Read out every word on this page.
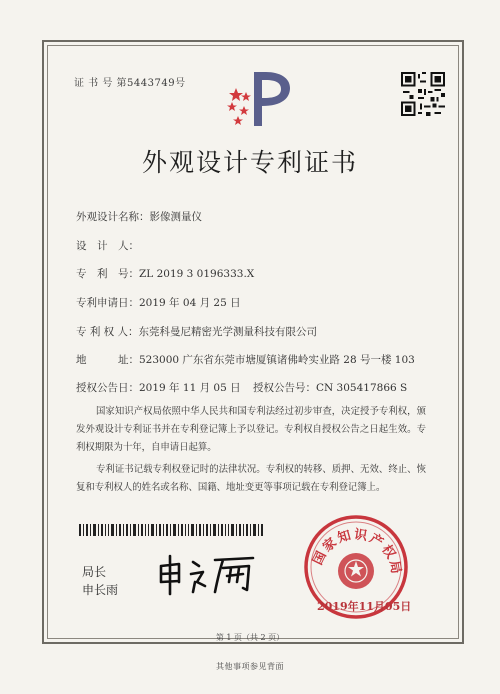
证 书 号 第5443749号
外观设计专利证书
外观设计名称：影像测量仪
设　计　人：
专　利　号：ZL 2019 3 0196333.X
专利申请日：2019 年 04 月 25 日
专 利 权 人：东莞科曼尼精密光学测量科技有限公司
地　　　址：523000 广东省东莞市塘厦镇诸佛岭实业路 28 号一楼 103
授权公告日：2019 年 11 月 05 日 授权公告号：CN 305417866 S
国家知识产权局依照中华人民共和国专利法经过初步审查，决定授予专利权，颁发外观设计专利证书并在专利登记簿上予以登记。专利权自授权公告之日起生效。专利权期限为十年，自申请日起算。
专利证书记载专利权登记时的法律状况。专利权的转移、质押、无效、终止、恢复和专利权人的姓名或名称、国籍、地址变更等事项记载在专利登记簿上。
局长
申长雨
国家知识产权局
2019年11月05日
第 1 页（共 2 页）
其他事项参见背面
